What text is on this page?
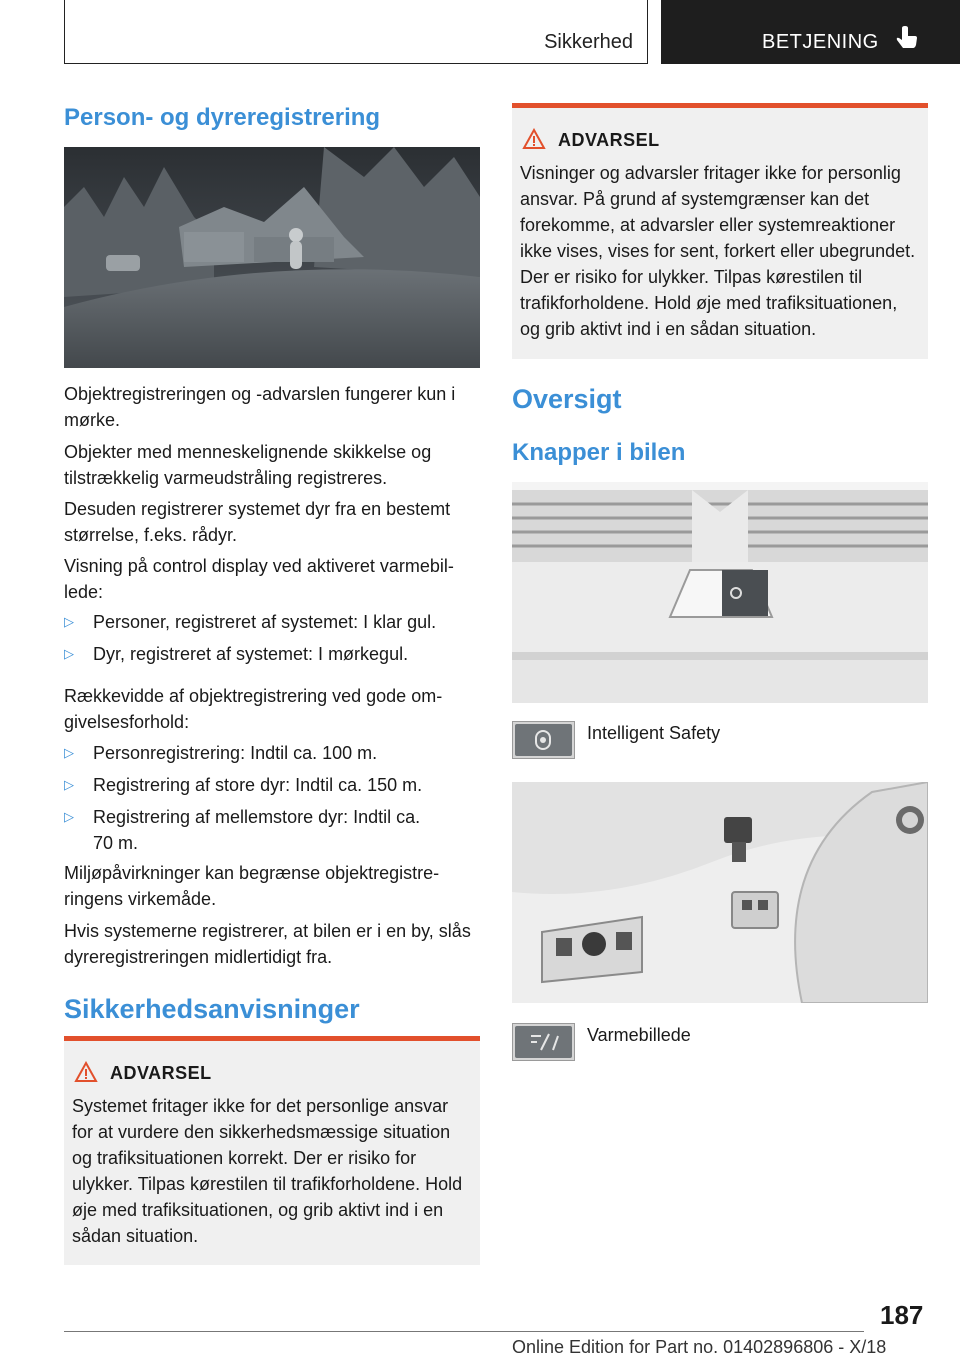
Sikkerhed	BETJENING
Person- og dyreregistrering

Objektregistreringen og -advarslen fungerer kun i mørke.

Objekter med menneskelignende skikkelse og tilstrækkelig varmeudstråling registreres.

Desuden registrerer systemet dyr fra en bestemt størrelse, f.eks. rådyr.

Visning på control display ved aktiveret varmebillede:

▷	Personer, registreret af systemet: I klar gul.
▷	Dyr, registreret af systemet: I mørkegul.

Rækkevidde af objektregistrering ved gode omgivelsesforhold:

▷	Personregistrering: Indtil ca. 100 m.
▷	Registrering af store dyr: Indtil ca. 150 m.
▷	Registrering af mellemstore dyr: Indtil ca. 70 m.

Miljøpåvirkninger kan begrænse objektregistreringens virkemåde.

Hvis systemerne registrerer, at bilen er i en by, slås dyreregistreringen midlertidigt fra.

Sikkerhedsanvisninger
ADVARSEL

Systemet fritager ikke for det personlige ansvar for at vurdere den sikkerhedsmæssige situation og trafiksituationen korrekt. Der er risiko for ulykker. Tilpas kørestilen til trafikforholdene. Hold øje med trafiksituationen, og grib aktivt ind i en sådan situation.

ADVARSEL

Visninger og advarsler fritager ikke for personlig ansvar. På grund af systemgrænser kan det forekomme, at advarsler eller systemreaktioner ikke vises, vises for sent, forkert eller ubegrundet. Der er risiko for ulykker. Tilpas kørestilen til trafikforholdene. Hold øje med trafiksituationen, og grib aktivt ind i en sådan situation.

Oversigt
Knapper i bilen
Intelligent Safety
Varmebillede
187
Online Edition for Part no. 01402896806 - X/18
